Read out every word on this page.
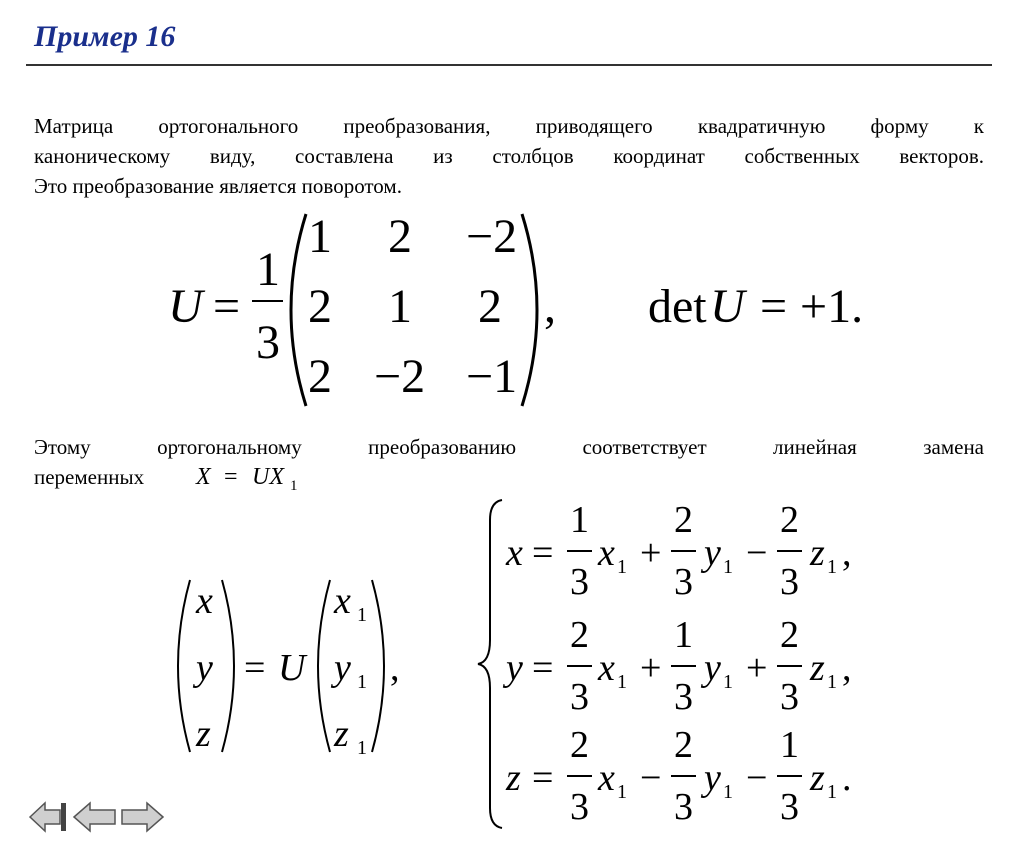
Пример 16
Матрица ортогонального преобразования, приводящего квадратичную форму к
каноническому виду, составлена из столбцов координат собственных векторов.
Это преобразование является поворотом.
U =
1
3
1 2 −2
2 1 2
2 −2 −1
, det U = +1.
X = UX 1
x
y
z
= U
x 1
y 1
z 1
,
x =
1
3
x 1 +
2
3
y 1 −
2
3
z 1 ,
y =
2
3
x 1 +
1
3
y 1 +
2
3
z 1 ,
z =
2
3
x 1 −
2
3
y 1 −
1
3
z 1 .
Этому ортогональному преобразованию соответствует линейная замена
переменных
